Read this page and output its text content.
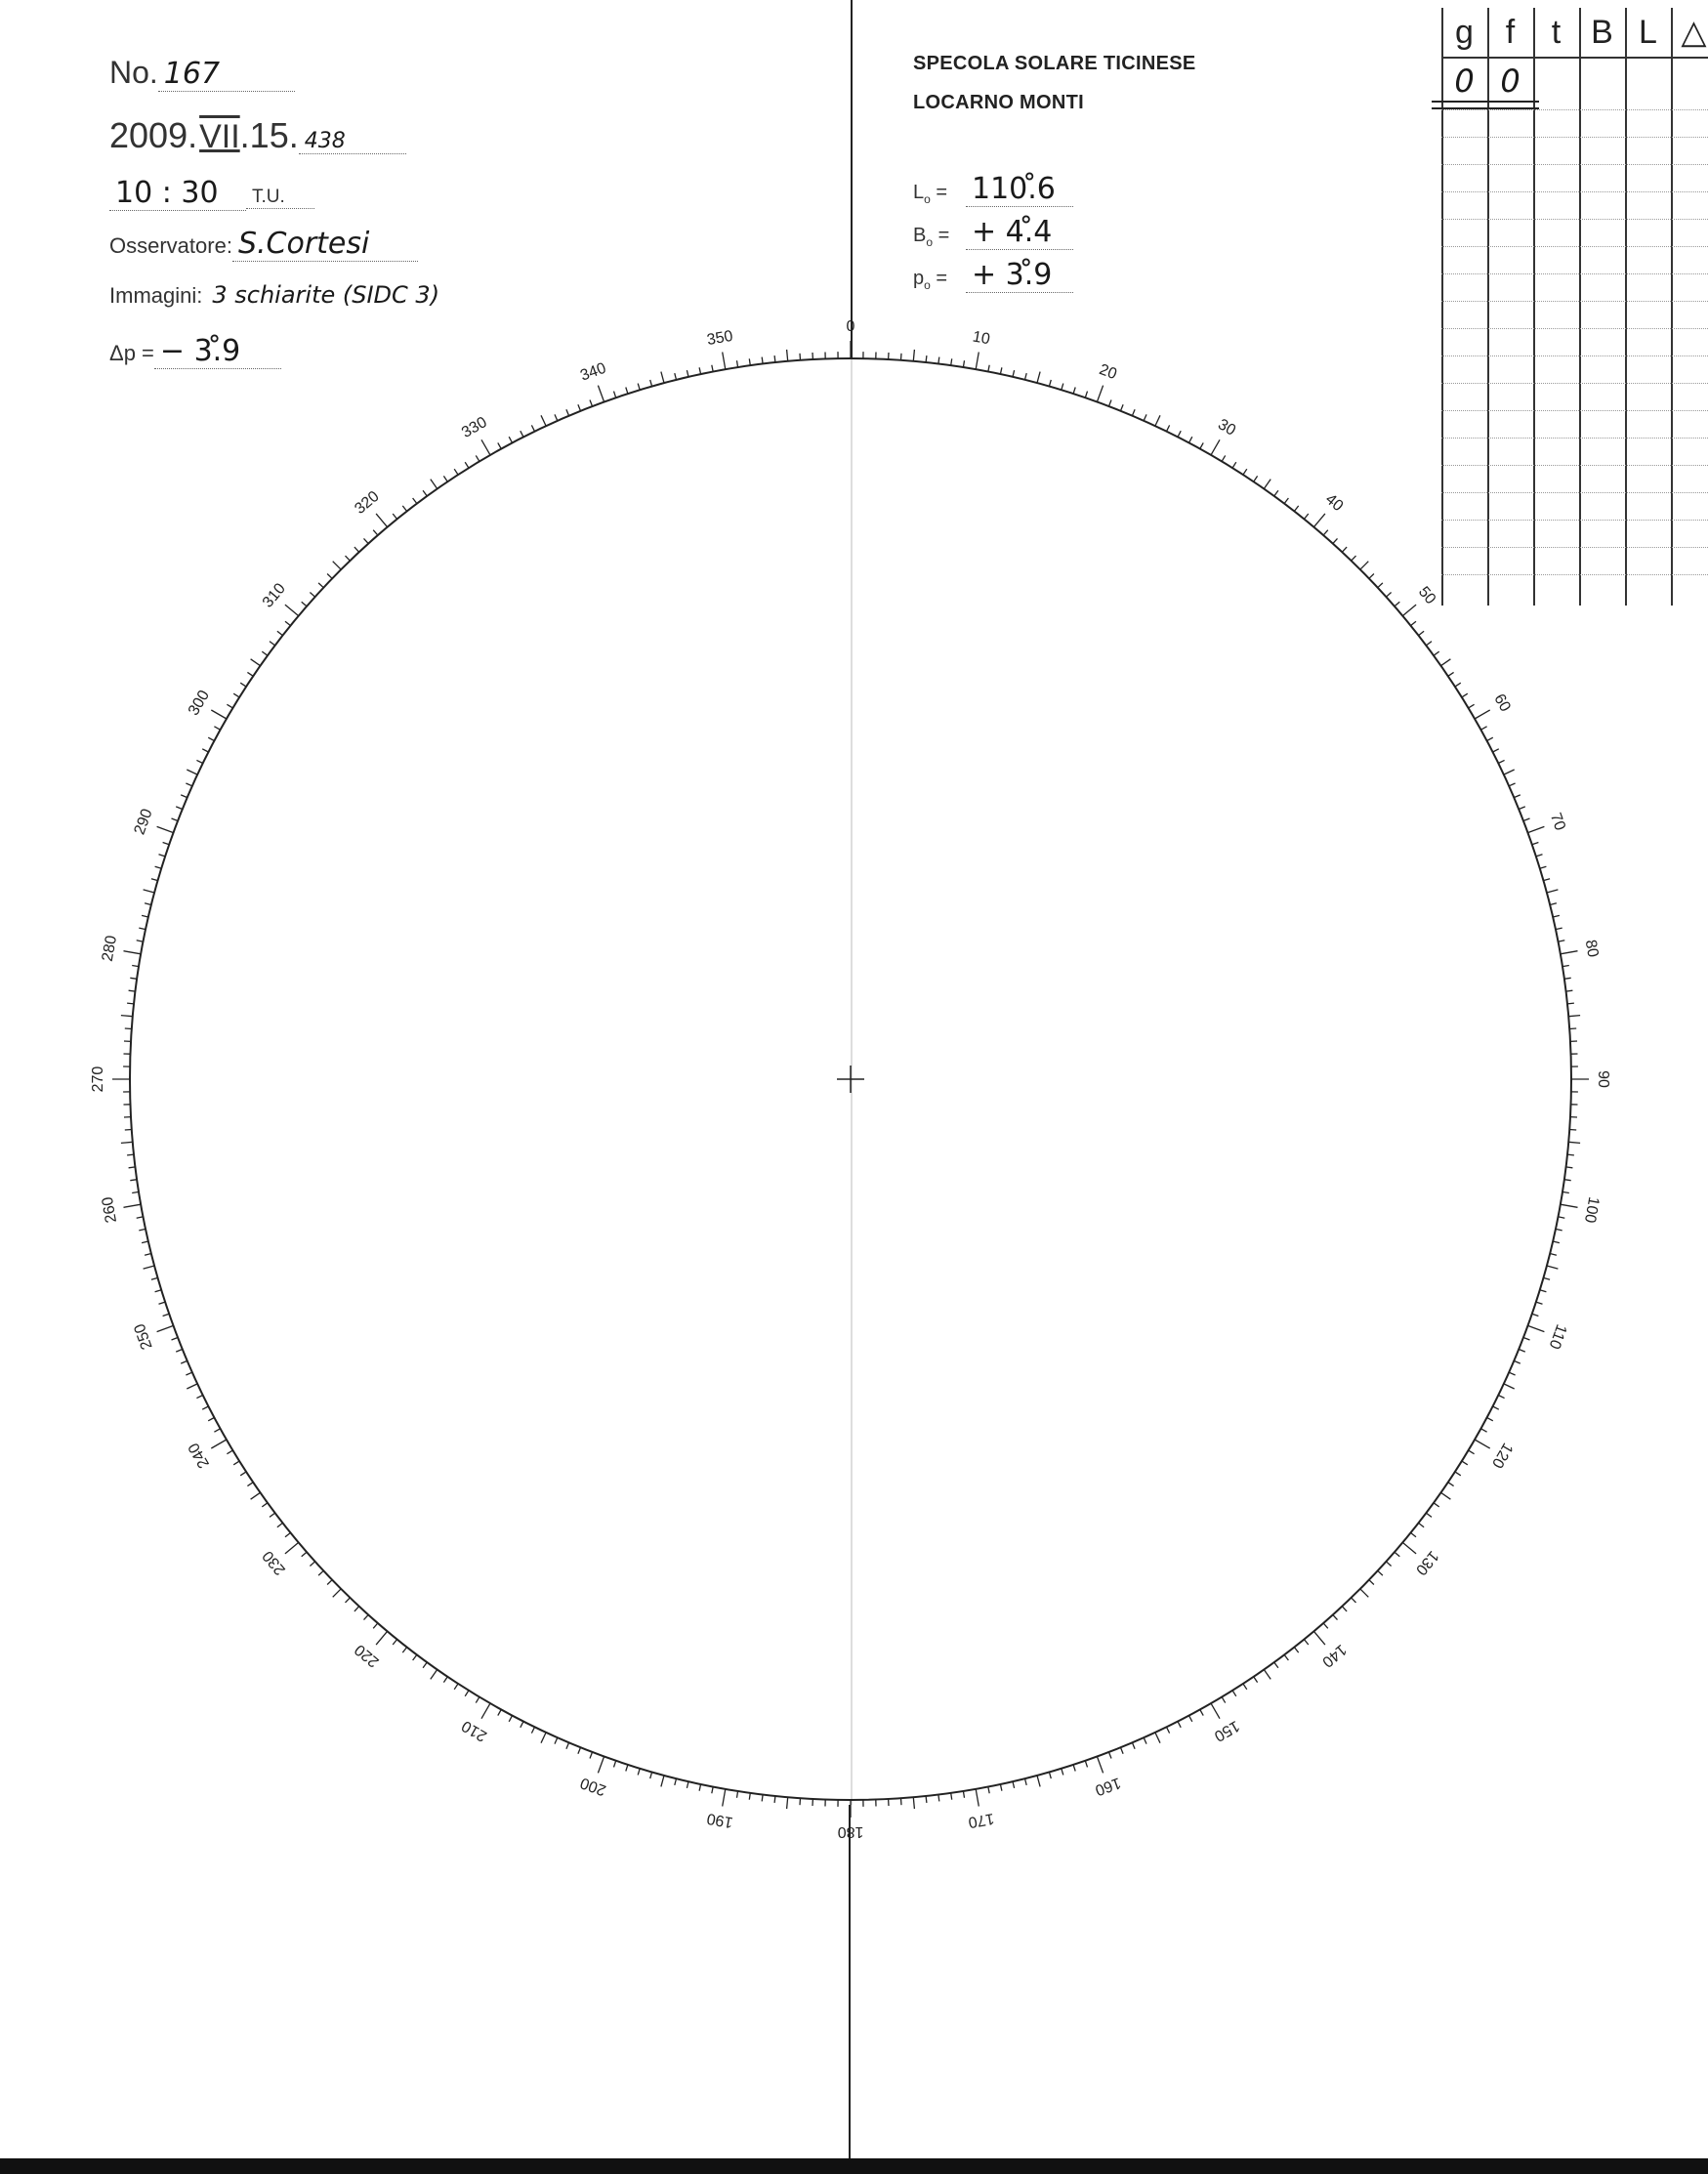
No. 167
2009. VII .15. 438
10 : 30	T.U.
Osservatore: S.Cortesi
Immagini: 3 schiarite (SIDC 3)
Δp = − 3.̊9
SPECOLA SOLARE TICINESE
LOCARNO MONTI
$L_o$ = 110.̊6
$B_o$ = + 4.̊4
$p_o$ = + 3.̊9
g f	t B L △
0 0
0
10
20
30
40
50
60
70
80
90
100
110
120
130
140
150
160
170
180
190
200
210
220
230
240
250
260
270
280
290
300
310
320
330
340
350
